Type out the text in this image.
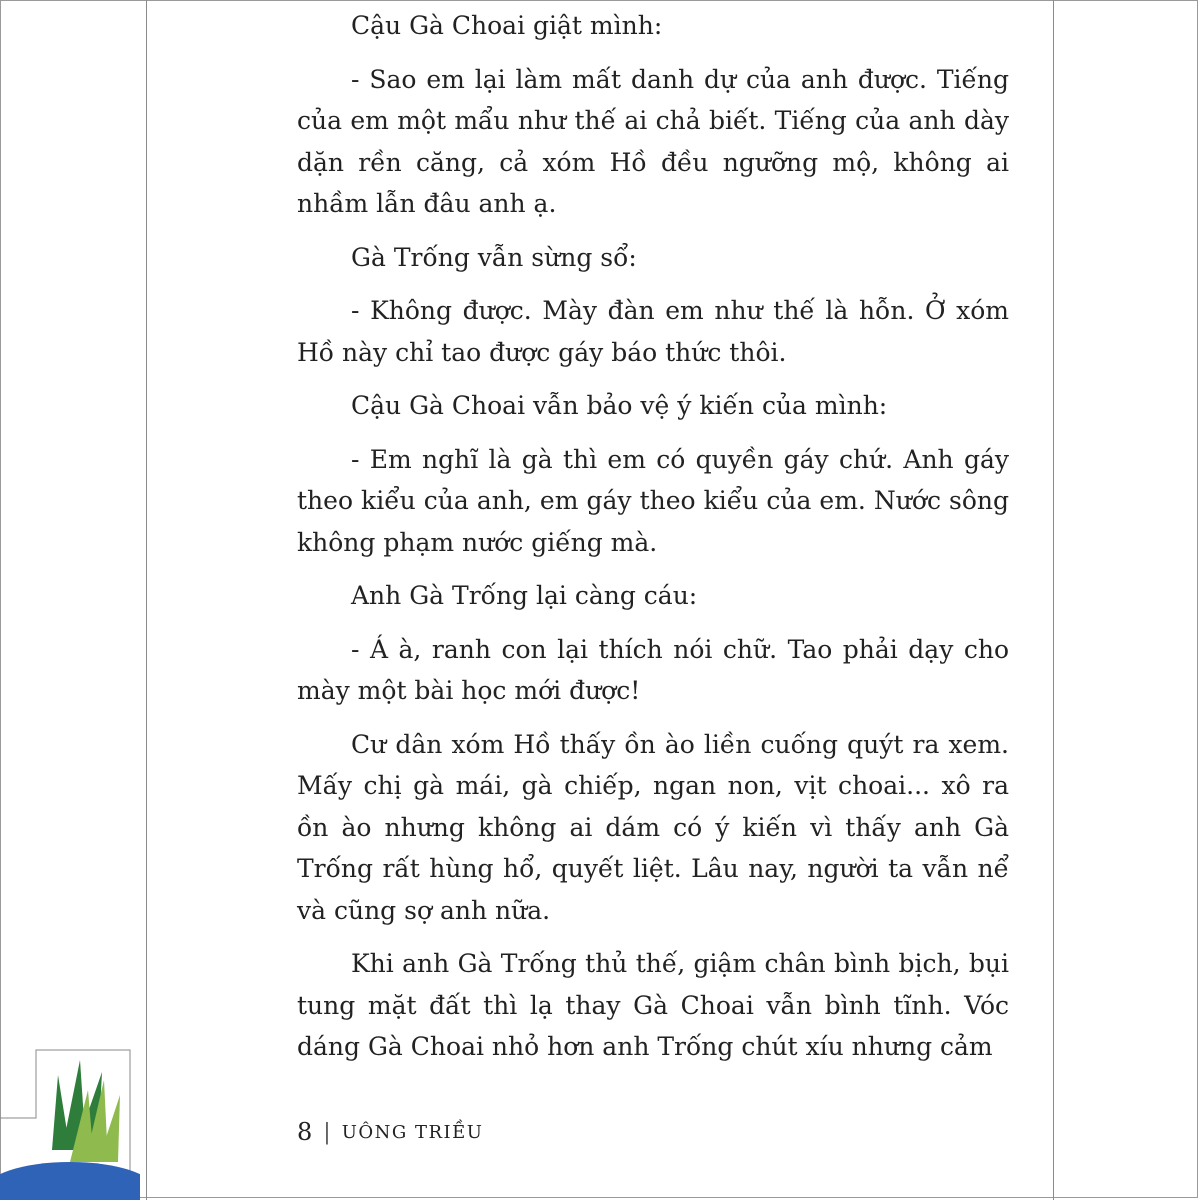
Cậu Gà Choai giật mình:

- Sao em lại làm mất danh dự của anh được. Tiếng của em một mẩu như thế ai chả biết. Tiếng của anh dày dặn rền căng, cả xóm Hồ đều ngưỡng mộ, không ai nhầm lẫn đâu anh ạ.

Gà Trống vẫn sừng sổ:

- Không được. Mày đàn em như thế là hỗn. Ở xóm Hồ này chỉ tao được gáy báo thức thôi.

Cậu Gà Choai vẫn bảo vệ ý kiến của mình:

- Em nghĩ là gà thì em có quyền gáy chứ. Anh gáy theo kiểu của anh, em gáy theo kiểu của em. Nước sông không phạm nước giếng mà.

Anh Gà Trống lại càng cáu:

- Á à, ranh con lại thích nói chữ. Tao phải dạy cho mày một bài học mới được!

Cư dân xóm Hồ thấy ồn ào liền cuống quýt ra xem. Mấy chị gà mái, gà chiếp, ngan non, vịt choai... xô ra ồn ào nhưng không ai dám có ý kiến vì thấy anh Gà Trống rất hùng hổ, quyết liệt. Lâu nay, người ta vẫn nể và cũng sợ anh nữa.

Khi anh Gà Trống thủ thế, giậm chân bình bịch, bụi tung mặt đất thì lạ thay Gà Choai vẫn bình tĩnh. Vóc dáng Gà Choai nhỏ hơn anh Trống chút xíu nhưng cảm

8 | UÔNG TRIỀU
